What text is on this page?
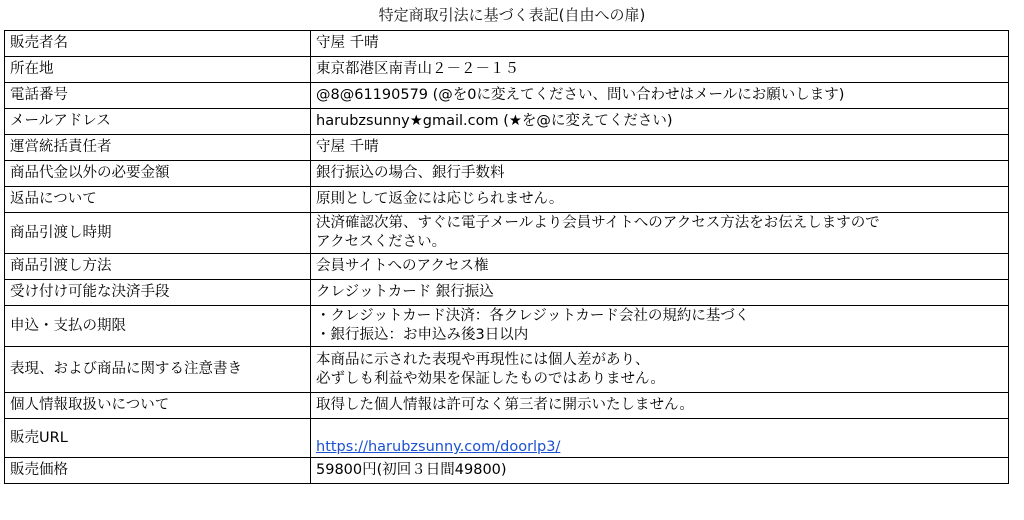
特定商取引法に基づく表記(自由への扉)
販売者名	守屋 千晴
所在地	東京都港区南青山２－２－１５
電話番号	@8@61190579 (@を0に変えてください、問い合わせはメールにお願いします)
メールアドレス	harubzsunny★gmail.com (★を@に変えてください)
運営統括責任者	守屋 千晴
商品代金以外の必要金額	銀行振込の場合、銀行手数料
返品について	原則として返金には応じられません。
商品引渡し時期	決済確認次第、すぐに電子メールより会員サイトへのアクセス方法をお伝えしますので
アクセスください。
商品引渡し方法	会員サイトへのアクセス権
受け付け可能な決済手段	クレジットカード 銀行振込
申込・支払の期限	・クレジットカード決済：各クレジットカード会社の規約に基づく
・銀行振込：お申込み後3日以内
表現、および商品に関する注意書き	本商品に示された表現や再現性には個人差があり、
必ずしも利益や効果を保証したものではありません。
個人情報取扱いについて	取得した個人情報は許可なく第三者に開示いたしません。
販売URL	https://harubzsunny.com/doorlp3/

販売価格	59800円(初回３日間49800)
